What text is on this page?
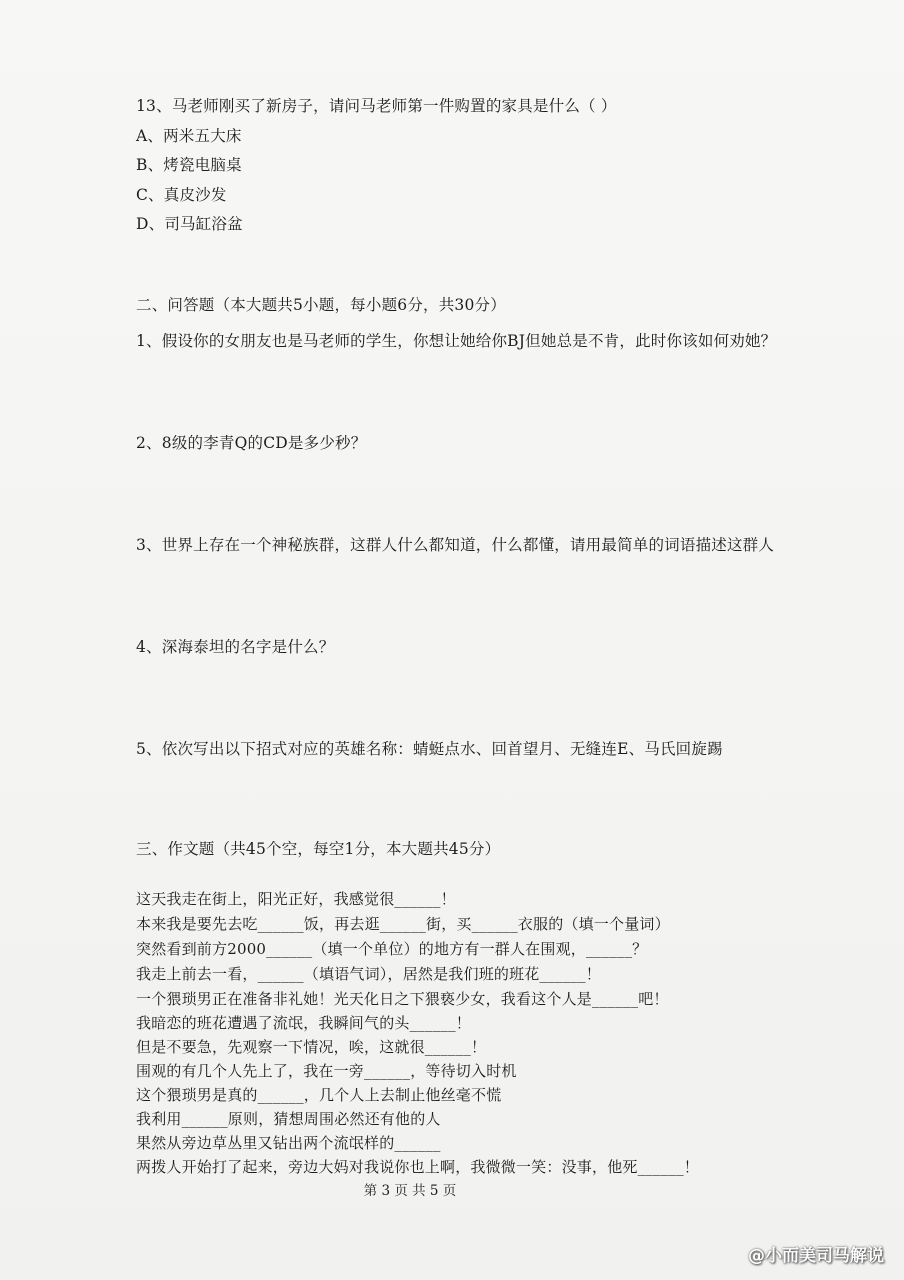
13、马老师刚买了新房子，请问马老师第一件购置的家具是什么（ ）
A、两米五大床
B、烤瓷电脑桌
C、真皮沙发
D、司马缸浴盆
二、问答题（本大题共5小题，每小题6分，共30分）
1、假设你的女朋友也是马老师的学生，你想让她给你BJ但她总是不肯，此时你该如何劝她？
2、8级的李青Q的CD是多少秒？
3、世界上存在一个神秘族群，这群人什么都知道，什么都懂，请用最简单的词语描述这群人
4、深海泰坦的名字是什么？
5、依次写出以下招式对应的英雄名称：蜻蜓点水、回首望月、无缝连E、马氏回旋踢
三、作文题（共45个空，每空1分，本大题共45分）
这天我走在街上，阳光正好，我感觉很______！
本来我是要先去吃______饭，再去逛______街，买______衣服的（填一个量词）
突然看到前方2000______（填一个单位）的地方有一群人在围观，______？
我走上前去一看，______（填语气词），居然是我们班的班花______！
一个猥琐男正在准备非礼她！光天化日之下猥亵少女，我看这个人是______吧！
我暗恋的班花遭遇了流氓，我瞬间气的头______！
但是不要急，先观察一下情况，唉，这就很______！
围观的有几个人先上了，我在一旁______，等待切入时机
这个猥琐男是真的______，几个人上去制止他丝毫不慌
我利用______原则，猜想周围必然还有他的人
果然从旁边草丛里又钻出两个流氓样的______
两拨人开始打了起来，旁边大妈对我说你也上啊，我微微一笑：没事，他死______！
第 3 页 共 5 页
@小而美司马解说
